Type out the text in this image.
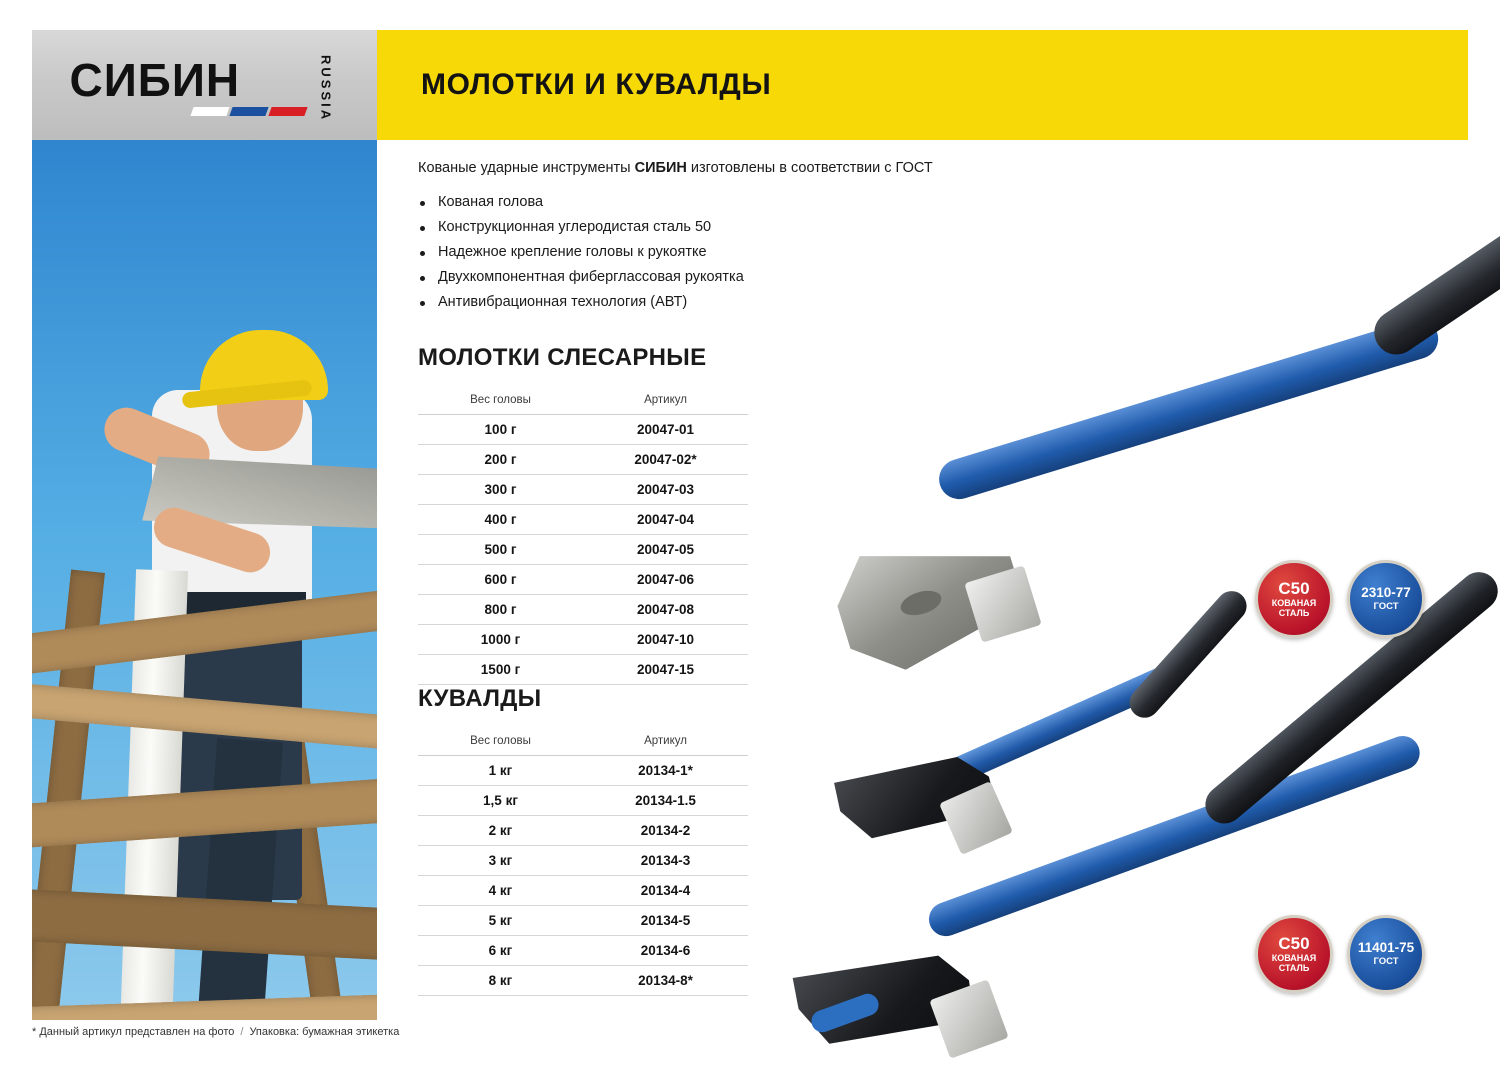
СИБИН	RUSSIA	МОЛОТКИ И КУВАЛДЫ

Кованые ударные инструменты СИБИН изготовлены в соответствии с ГОСТ

Кованая голова
Конструкционная углеродистая сталь 50
Надежное крепление головы к рукоятке
Двухкомпонентная фиберглассовая рукоятка
Антивибрационная технология (АВТ)
МОЛОТКИ СЛЕСАРНЫЕ
Вес головы	Артикул
100 г	20047-01
200 г	20047-02*
300 г	20047-03
400 г	20047-04
500 г	20047-05
600 г	20047-06
800 г	20047-08
1000 г	20047-10
1500 г	20047-15
КУВАЛДЫ
Вес головы	Артикул
1 кг	20134-1*
1,5 кг	20134-1.5
2 кг	20134-2
3 кг	20134-3
4 кг	20134-4
5 кг	20134-5
6 кг	20134-6
8 кг	20134-8*
С50
КОВАНАЯ
СТАЛЬ
2310-77
ГОСТ
С50
КОВАНАЯ
СТАЛЬ
11401-75
ГОСТ
* Данный артикул представлен на фото / Упаковка: бумажная этикетка
